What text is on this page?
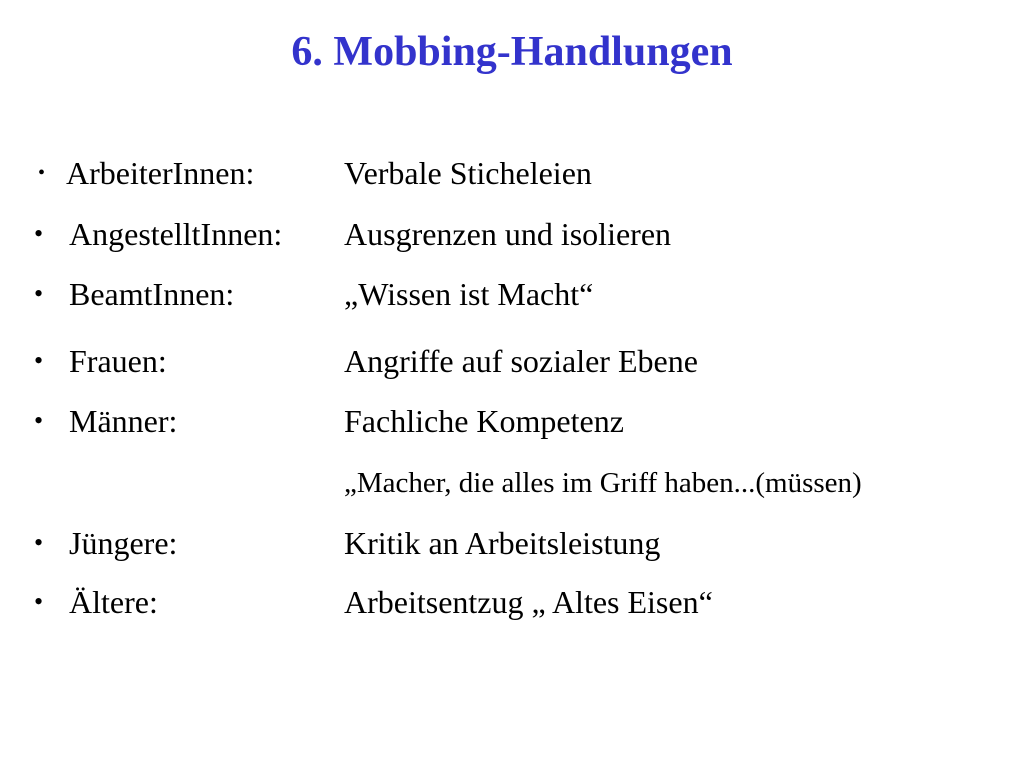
6. Mobbing-Handlungen
• ArbeiterInnen:	Verbale Sticheleien
• AngestelltInnen: Ausgrenzen und isolieren
• BeamtInnen:	„Wissen ist Macht“
• Frauen:	Angriffe auf sozialer Ebene
• Männer:	Fachliche Kompetenz
„Macher, die alles im Griff haben...(müssen)
• Jüngere:	Kritik an Arbeitsleistung
• Ältere:	Arbeitsentzug „ Altes Eisen“
